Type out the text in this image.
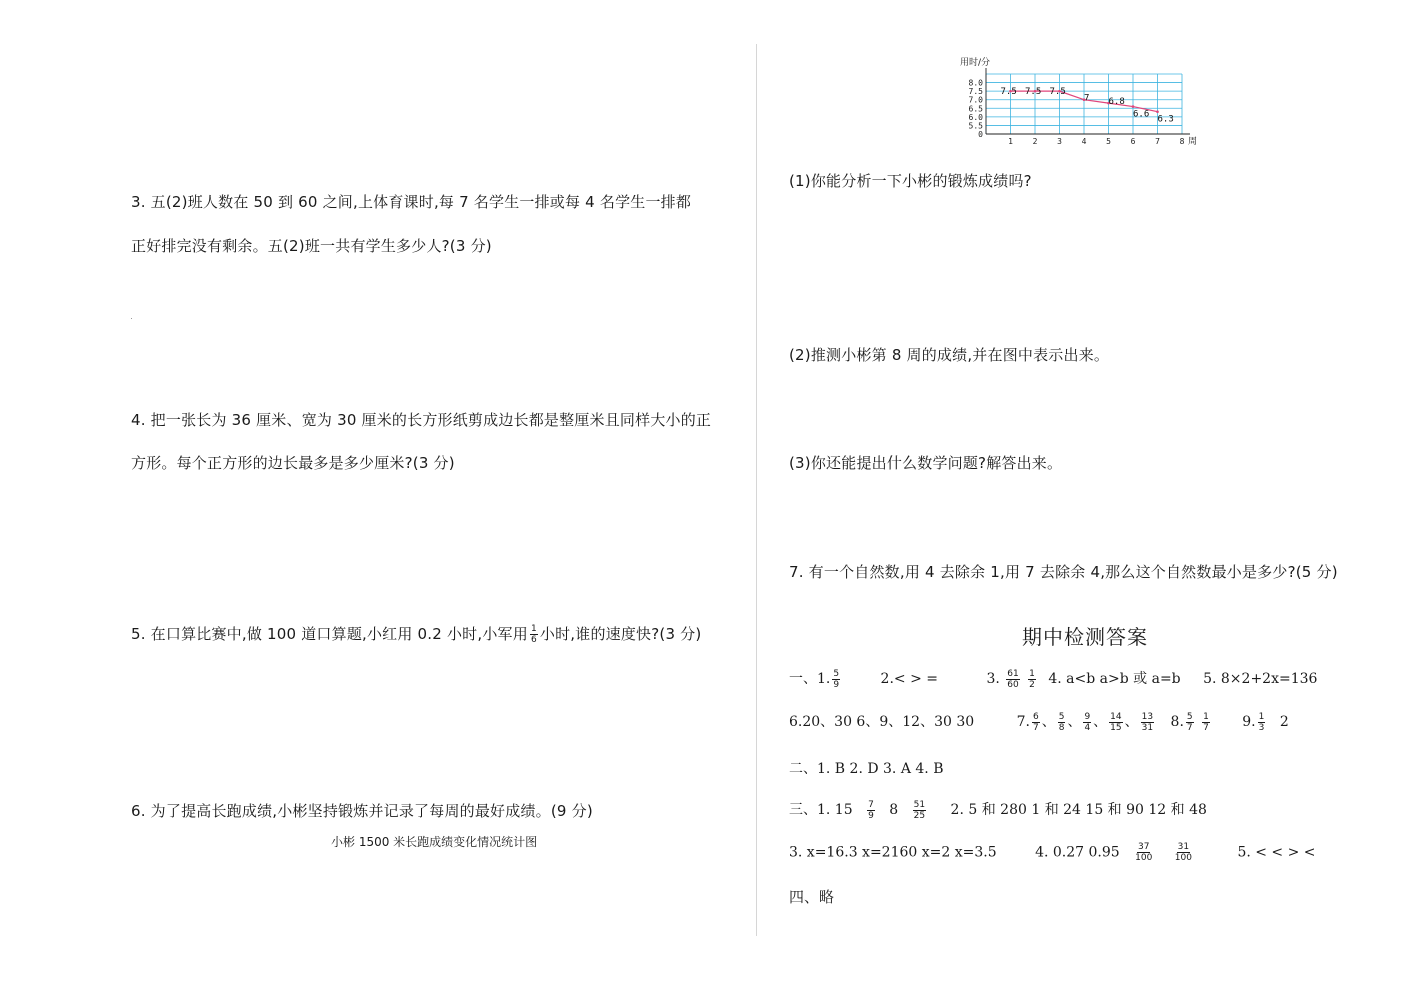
3. 五(2)班人数在 50 到 60 之间,上体育课时,每 7 名学生一排或每 4 名学生一排都
正好排完没有剩余。五(2)班一共有学生多少人?(3 分)
4. 把一张长为 36 厘米、宽为 30 厘米的长方形纸剪成边长都是整厘米且同样大小的正
方形。每个正方形的边长最多是多少厘米?(3 分)
5. 在口算比赛中,做 100 道口算题,小红用 0.2 小时,小军用 $\frac{1}{6}$ 小时,谁的速度快?(3 分)
6. 为了提高长跑成绩,小彬坚持锻炼并记录了每周的最好成绩。(9 分)
小彬 1500 米长跑成绩变化情况统计图
用时/分
周
0
5.5
6.0
6.5
7.0
7.5
8.0
1 2 3 4 5 6 7 8
7.5 7.5 7.5
7 6.8
6.6
6.3
(1)你能分析一下小彬的锻炼成绩吗?
(2)推测小彬第 8 周的成绩,并在图中表示出来。
(3)你还能提出什么数学问题?解答出来。
7. 有一个自然数,用 4 去除余 1,用 7 去除余 4,那么这个自然数最小是多少?(5 分)
期中检测答案
一、1. $\frac{5}{9}$	2.< > =	3. $\frac{61}{60}$
$\frac{1}{2} 4$. a<b a>b 或 a=b 5. 8×2+2x=136
6.20、30 6、9、12、30 30	7. $\frac{6}{7}$ 、 $\frac{5}{8}$ 、 $\frac{9}{4}$ 、 $\frac{14}{15}$ 、 $\frac{13}{31} 8$. $\frac{5}{7}$
$\frac{1}{7} 9$. $\frac{1}{3} 2$
二、1. B 2. D 3. A 4. B
三、1. $15 \frac{7}{9} 8 \frac{51}{25} 2$. 5 和 280 1 和 24 15 和 90 12 和 48
3. x=16.3 x=2160 x=2 x=3.5	4. 0.27 $0.95 \frac{37}{100}$
$\frac{31}{100}$	5. < < > <
四、略
